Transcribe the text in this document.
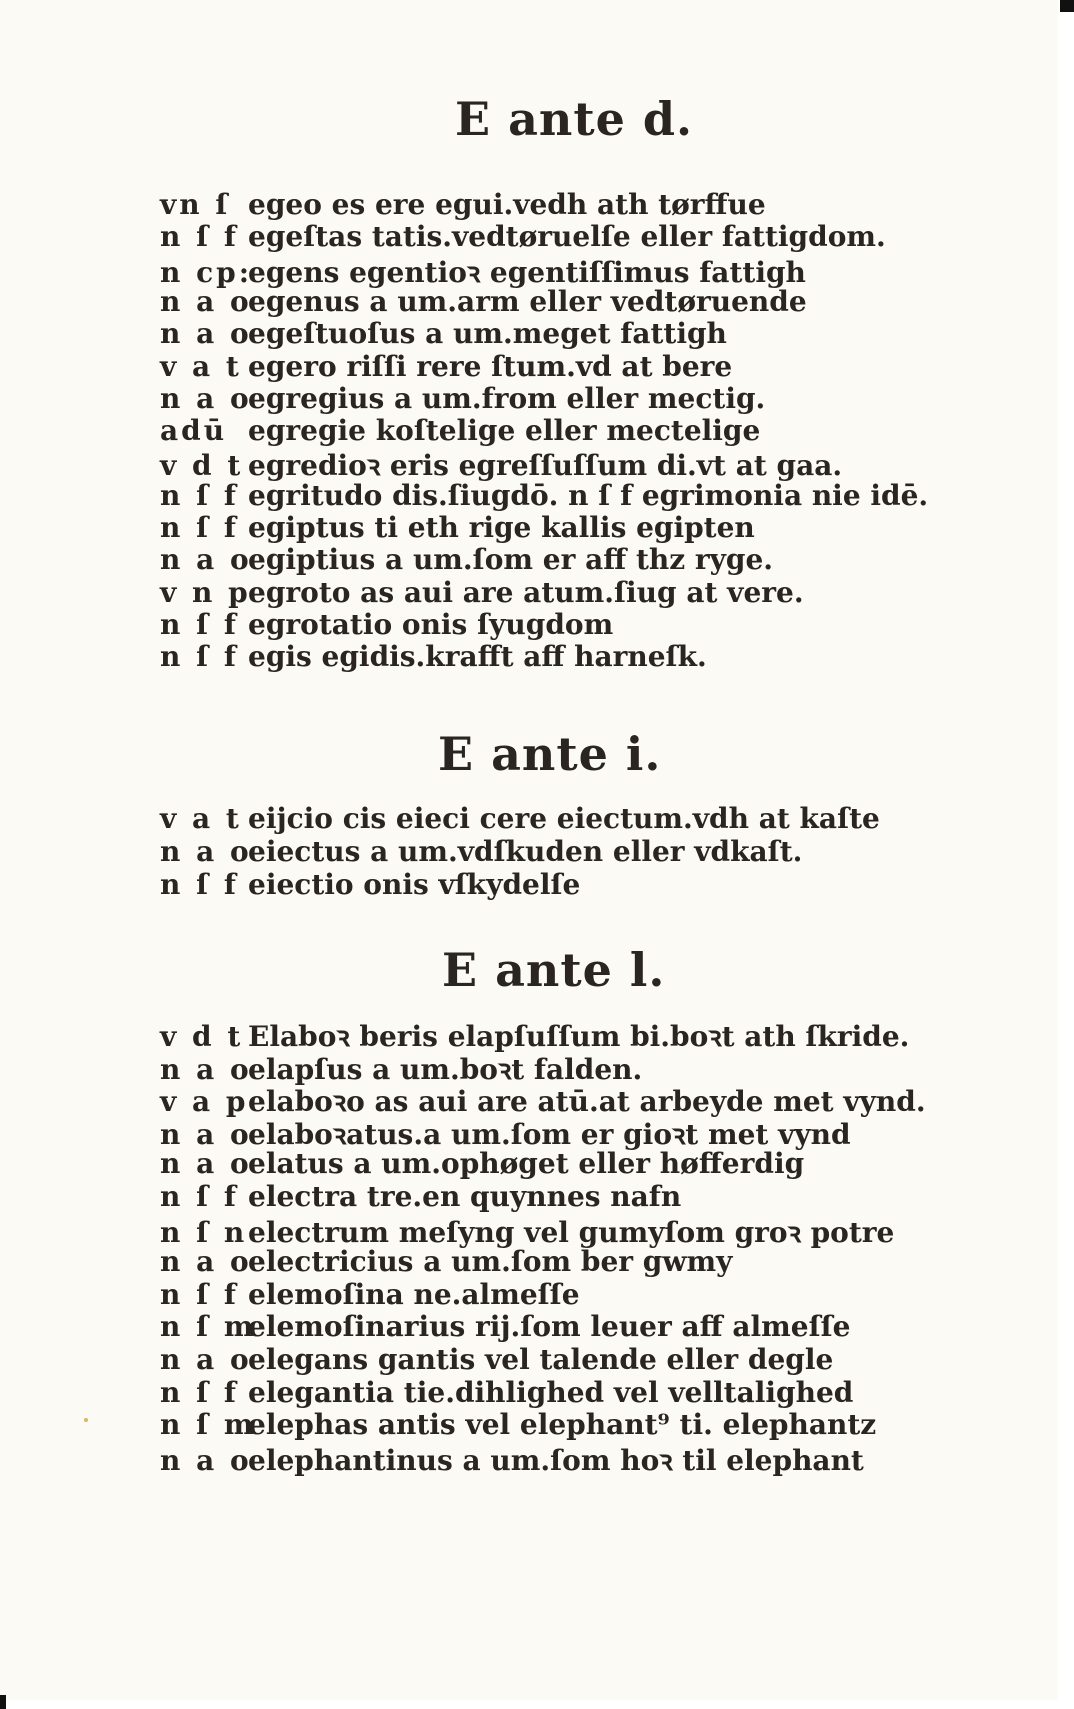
E ante d.
E ante i.
E ante l.
vn ſ egeo es ere egui.vedh ath tørffue
n ſ f egeſtas tatis.vedtøruelſe eller fattigdom.
n cp:
egens egentioꝛ egentiſſimus fattigh
n a o
egenus a um.arm eller vedtøruende
n a o
egeſtuoſus a um.meget fattigh
v a t egero riſſi rere ſtum.vd at bere
n a o
egregius a um.from eller mectig.
adū egregie koſtelige eller mectelige
v d t egredioꝛ eris egreſſuſſum di.vt at gaa.
n ſ f egritudo dis.ſiugdō. n ſ f egrimonia nie idē.
n ſ f egiptus ti eth rige kallis egipten
n a o
egiptius a um.ſom er aff thz ryge.
v n p
egroto as aui are atum.ſiug at vere.
n ſ f egrotatio onis ſyugdom
n ſ f egis egidis.krafft aff harneſk.
v a t eijcio cis eieci cere eiectum.vdh at kaſte
n a o
eiectus a um.vdſkuden eller vdkaſt.
n ſ f eiectio onis vſkydelſe
v d t Elaboꝛ beris elapſuſſum bi.boꝛt ath ſkride.
n a o
elapſus a um.boꝛt falden.
v a p elaboꝛo as aui are atū.at arbeyde met vynd.
n a o
elaboꝛatus.a um.ſom er gioꝛt met vynd
n a o
elatus a um.ophøget eller høfferdig
n ſ f electra tre.en quynnes nafn
n ſ n electrum meſyng vel gumyſom groꝛ potre
n a o
electricius a um.ſom ber gwmy
n ſ f elemoſina ne.almeſſe
n ſ m
elemoſinarius rij.ſom leuer aff almeſſe
n a o
elegans gantis vel talende eller degle
n ſ f elegantia tie.dihlighed vel velltalighed
n ſ m
elephas antis vel elephant⁹ ti. elephantz
n a o
elephantinus a um.ſom hoꝛ til elephant
